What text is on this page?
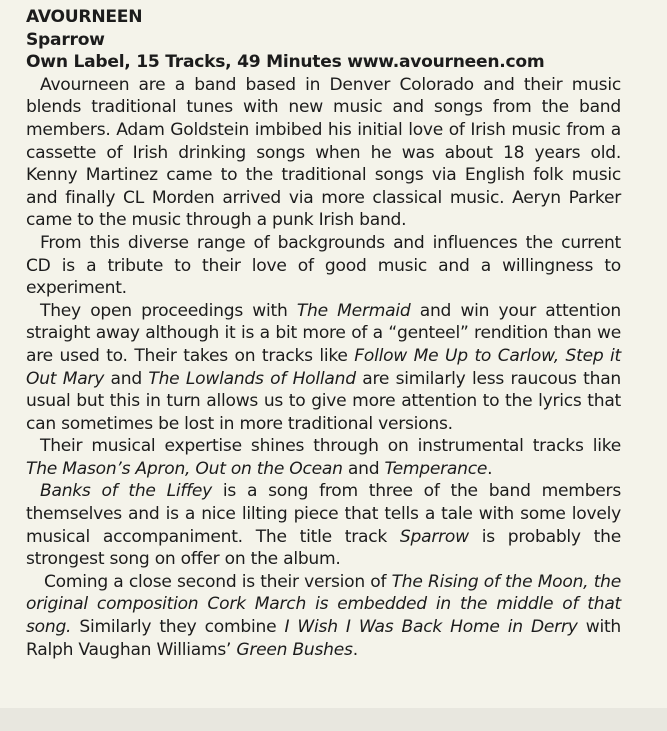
AVOURNEEN
Sparrow
Own Label, 15 Tracks, 49 Minutes www.avourneen.com

Avourneen are a band based in Denver Colorado and their music blends traditional tunes with new music and songs from the band members. Adam Goldstein imbibed his initial love of Irish music from a cassette of Irish drinking songs when he was about 18 years old. Kenny Martinez came to the traditional songs via English folk music and finally CL Morden arrived via more classical music. Aeryn Parker came to the music through a punk Irish band.

From this diverse range of backgrounds and influences the current CD is a tribute to their love of good music and a willingness to experiment.

They open proceedings with The Mermaid and win your attention straight away although it is a bit more of a “genteel” rendition than we are used to. Their takes on tracks like Follow Me Up to Carlow, Step it Out Mary and The Lowlands of Holland are similarly less raucous than usual but this in turn allows us to give more attention to the lyrics that can sometimes be lost in more traditional versions.

Their musical expertise shines through on instrumental tracks like The Mason’s Apron, Out on the Ocean and Temperance.

Banks of the Liffey is a song from three of the band members themselves and is a nice lilting piece that tells a tale with some lovely musical accompaniment. The title track Sparrow is probably the strongest song on offer on the album.

Coming a close second is their version of The Rising of the Moon, the original composition Cork March is embedded in the middle of that song. Similarly they combine I Wish I Was Back Home in Derry with Ralph Vaughan Williams’ Green Bushes.
